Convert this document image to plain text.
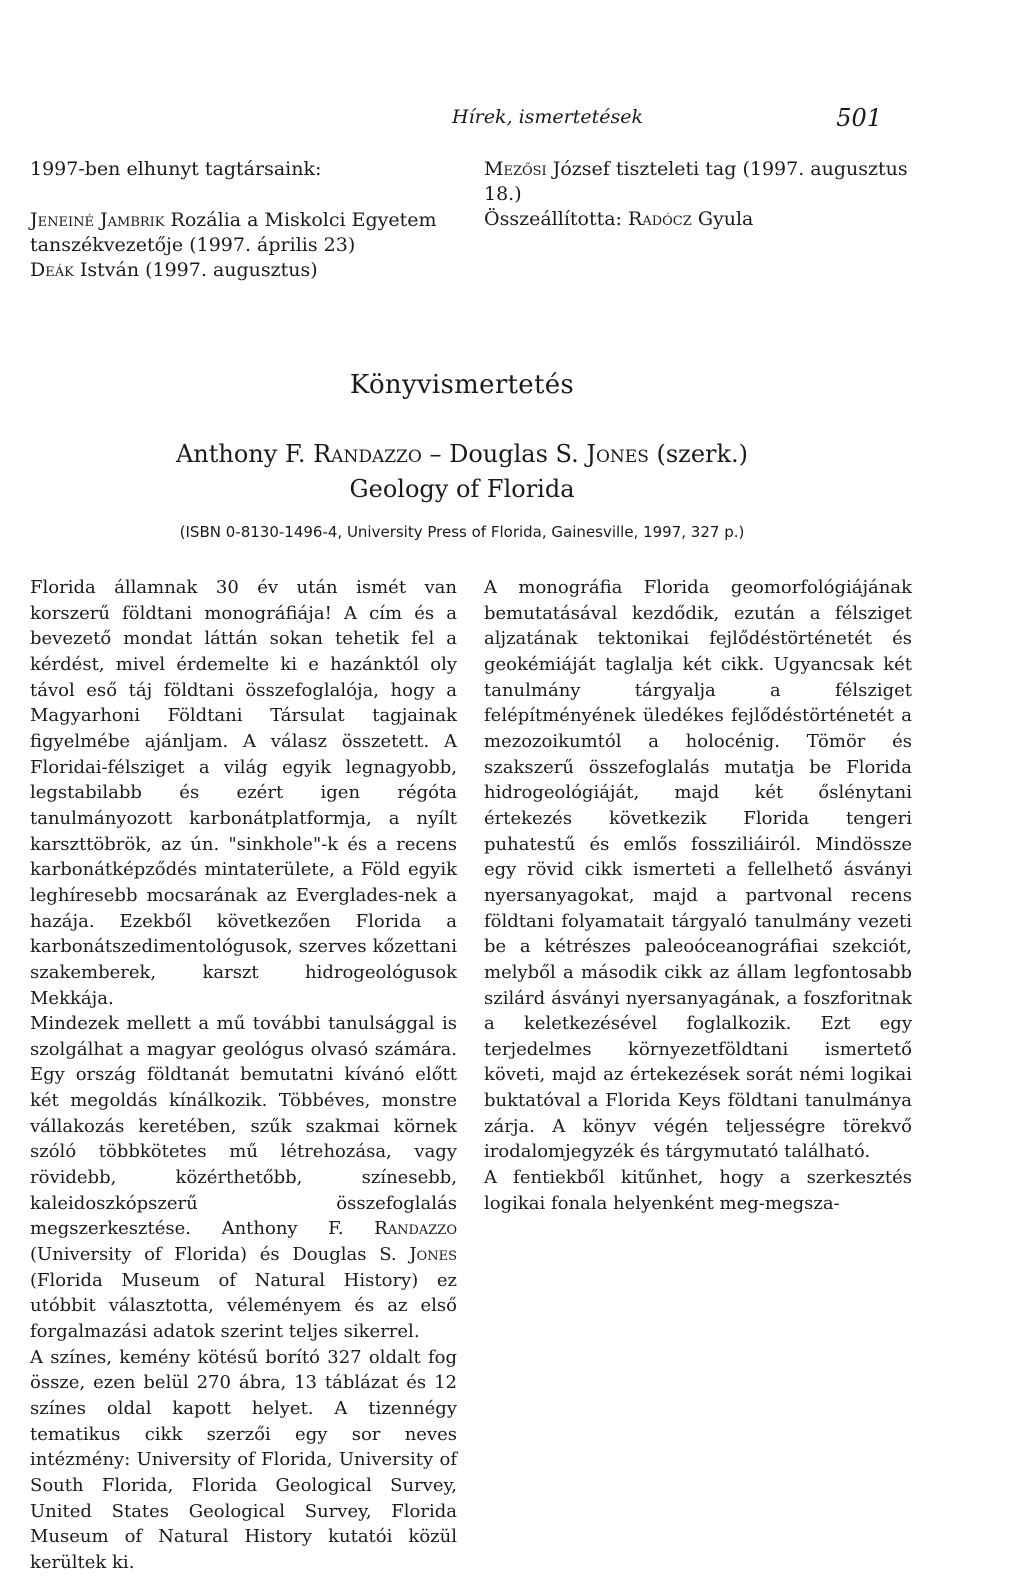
Hírek, ismertetések	501

1997-ben elhunyt tagtársaink:

Jeneiné Jambrik Rozália a Miskolci Egyetem tanszékvezetője (1997. április 23)

Deák István (1997. augusztus)

Mezősi József tiszteleti tag (1997. augusztus 18.)

Összeállította: Radócz Gyula

Könyvismertetés
Anthony F. Randazzo – Douglas S. Jones (szerk.)
Geology of Florida
(ISBN 0-8130-1496-4, University Press of Florida, Gainesville, 1997, 327 p.)

Florida államnak 30 év után ismét van korszerű földtani monográfiája! A cím és a bevezető mondat láttán sokan tehetik fel a kérdést, mivel érdemelte ki e hazánktól oly távol eső táj földtani összefoglalója, hogy a Magyarhoni Földtani Társulat tagjainak figyelmébe ajánljam. A válasz összetett. A Floridai-félsziget a világ egyik legnagyobb, legstabilabb és ezért igen régóta tanulmányozott karbonátplatformja, a nyílt karszttöbrök, az ún. "sinkhole"-k és a recens karbonátképződés mintaterülete, a Föld egyik leghíresebb mocsarának az Everglades-nek a hazája. Ezekből következően Florida a karbonátszedimentológusok, szerves kőzettani szakemberek, karszt hidrogeológusok Mekkája.

Mindezek mellett a mű további tanulsággal is szolgálhat a magyar geológus olvasó számára. Egy ország földtanát bemutatni kívánó előtt két megoldás kínálkozik. Többéves, monstre vállakozás keretében, szűk szakmai körnek szóló többkötetes mű létrehozása, vagy rövidebb, közérthetőbb, színesebb, kaleidoszkópszerű összefoglalás megszerkesztése. Anthony F. Randazzo (University of Florida) és Douglas S. Jones (Florida Museum of Natural History) ez utóbbit választotta, véleményem és az első forgalmazási adatok szerint teljes sikerrel.

A színes, kemény kötésű borító 327 oldalt fog össze, ezen belül 270 ábra, 13 táblázat és 12 színes oldal kapott helyet. A tizennégy tematikus cikk szerzői egy sor neves intézmény: University of Florida, University of South Florida, Florida Geological Survey, United States Geological Survey, Florida Museum of Natural History kutatói közül kerültek ki.

A monográfia Florida geomorfológiájának bemutatásával kezdődik, ezután a félsziget aljzatának tektonikai fejlődéstörténetét és geokémiáját taglalja két cikk. Ugyancsak két tanulmány tárgyalja a félsziget felépítményének üledékes fejlődéstörténetét a mezozoikumtól a holocénig. Tömör és szakszerű összefoglalás mutatja be Florida hidrogeológiáját, majd két őslénytani értekezés következik Florida tengeri puhatestű és emlős fossziliáiról. Mindössze egy rövid cikk ismerteti a fellelhető ásványi nyersanyagokat, majd a partvonal recens földtani folyamatait tárgyaló tanulmány vezeti be a kétrészes paleoóceanográfiai szekciót, melyből a második cikk az állam legfontosabb szilárd ásványi nyersanyagának, a foszforitnak a keletkezésével foglalkozik. Ezt egy terjedelmes környezetföldtani ismertető követi, majd az értekezések sorát némi logikai buktatóval a Florida Keys földtani tanulmánya zárja. A könyv végén teljességre törekvő irodalomjegyzék és tárgymutató található.

A fentiekből kitűnhet, hogy a szerkesztés logikai fonala helyenként meg-megsza-
